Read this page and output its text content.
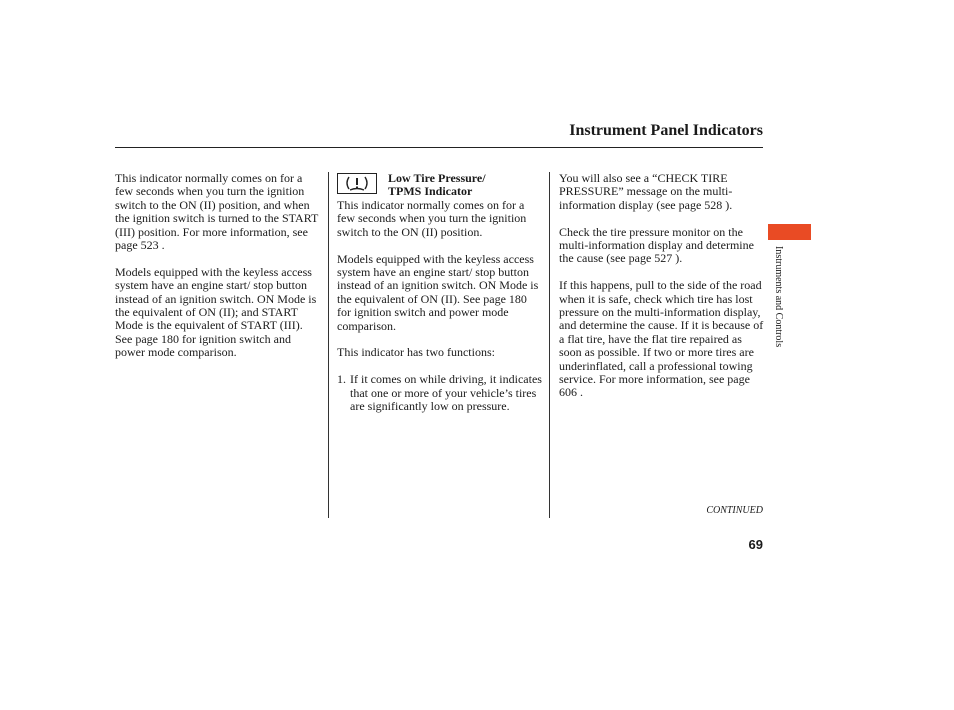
Instrument Panel Indicators

This indicator normally comes on for a few seconds when you turn the ignition switch to the ON (II) position, and when the ignition switch is turned to the START (III) position. For more information, see page 523 .

Models equipped with the keyless access system have an engine start/ stop button instead of an ignition switch. ON Mode is the equivalent of ON (II); and START Mode is the equivalent of START (III). See page 180 for ignition switch and power mode comparison.

Low Tire Pressure/
TPMS Indicator

This indicator normally comes on for a few seconds when you turn the ignition switch to the ON (II) position.

Models equipped with the keyless access system have an engine start/ stop button instead of an ignition switch. ON Mode is the equivalent of ON (II). See page 180 for ignition switch and power mode comparison.

This indicator has two functions:

1. If it comes on while driving, it indicates that one or more of your vehicle’s tires are significantly low on pressure.

You will also see a “CHECK TIRE PRESSURE” message on the multi-information display (see page 528 ).

Check the tire pressure monitor on the multi-information display and determine the cause (see page 527 ).

If this happens, pull to the side of the road when it is safe, check which tire has lost pressure on the multi-information display, and determine the cause. If it is because of a flat tire, have the flat tire repaired as soon as possible. If two or more tires are underinflated, call a professional towing service. For more information, see page 606 .

Instruments and Controls
CONTINUED
69
